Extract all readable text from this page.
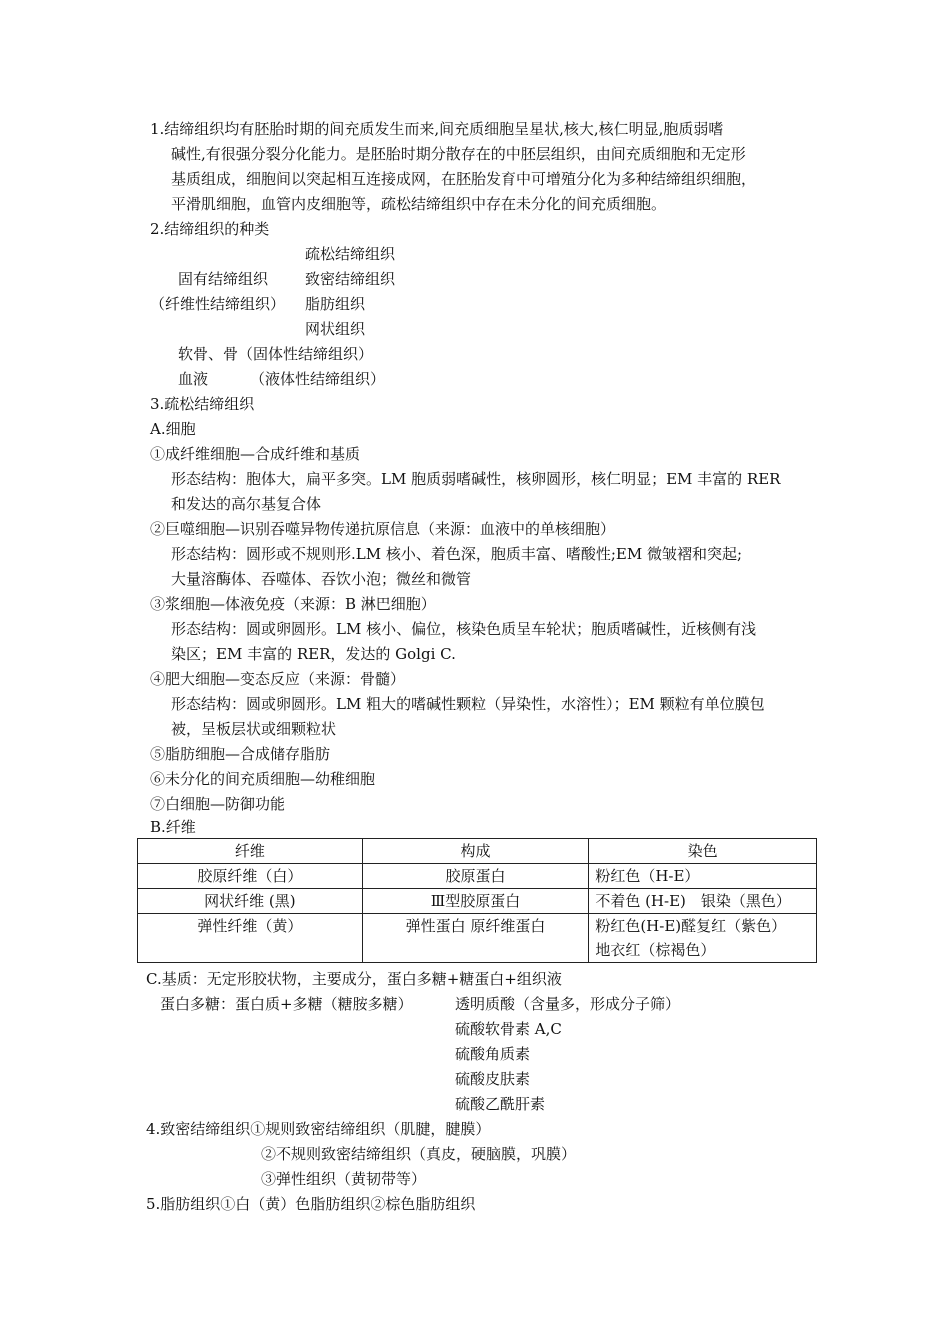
1.结缔组织均有胚胎时期的间充质发生而来,间充质细胞呈星状,核大,核仁明显,胞质弱嗜
碱性,有很强分裂分化能力。是胚胎时期分散存在的中胚层组织，由间充质细胞和无定形
基质组成，细胞间以突起相互连接成网，在胚胎发育中可增殖分化为多种结缔组织细胞，
平滑肌细胞，血管内皮细胞等，疏松结缔组织中存在未分化的间充质细胞。
2.结缔组织的种类
疏松结缔组织
固有结缔组织 致密结缔组织
（纤维性结缔组织） 脂肪组织
网状组织
软骨、骨（固体性结缔组织）
血液	（液体性结缔组织）
3.疏松结缔组织
A.细胞
①成纤维细胞—合成纤维和基质
形态结构：胞体大，扁平多突。LM 胞质弱嗜碱性，核卵圆形，核仁明显；EM 丰富的 RER
和发达的高尔基复合体
②巨噬细胞—识别吞噬异物传递抗原信息（来源：血液中的单核细胞）
形态结构：圆形或不规则形.LM 核小、着色深，胞质丰富、嗜酸性;EM 微皱褶和突起;
大量溶酶体、吞噬体、吞饮小泡；微丝和微管
③浆细胞—体液免疫（来源：B 淋巴细胞）
形态结构：圆或卵圆形。LM 核小、偏位，核染色质呈车轮状；胞质嗜碱性，近核侧有浅
染区；EM 丰富的 RER，发达的 Golgi C.
④肥大细胞—变态反应（来源：骨髓）
形态结构：圆或卵圆形。LM 粗大的嗜碱性颗粒（异染性，水溶性）；EM 颗粒有单位膜包
被，呈板层状或细颗粒状
⑤脂肪细胞—合成储存脂肪
⑥未分化的间充质细胞—幼稚细胞
⑦白细胞—防御功能
B.纤维
纤维	构成	染色
胶原纤维（白）	胶原蛋白	粉红色（H-E）
网状纤维 (黑)	Ⅲ型胶原蛋白	不着色 (H-E)　银染（黑色）
弹性纤维（黄）	弹性蛋白 原纤维蛋白	粉红色(H-E)醛复红（紫色）
地衣红（棕褐色）
C.基质：无定形胶状物，主要成分，蛋白多糖+糖蛋白+组织液
蛋白多糖：蛋白质+多糖（糖胺多糖）	透明质酸（含量多，形成分子筛）
硫酸软骨素 A,C
硫酸角质素
硫酸皮肤素
硫酸乙酰肝素
4.致密结缔组织①规则致密结缔组织（肌腱，腱膜）
②不规则致密结缔组织（真皮，硬脑膜，巩膜）
③弹性组织（黄韧带等）
5.脂肪组织①白（黄）色脂肪组织②棕色脂肪组织
